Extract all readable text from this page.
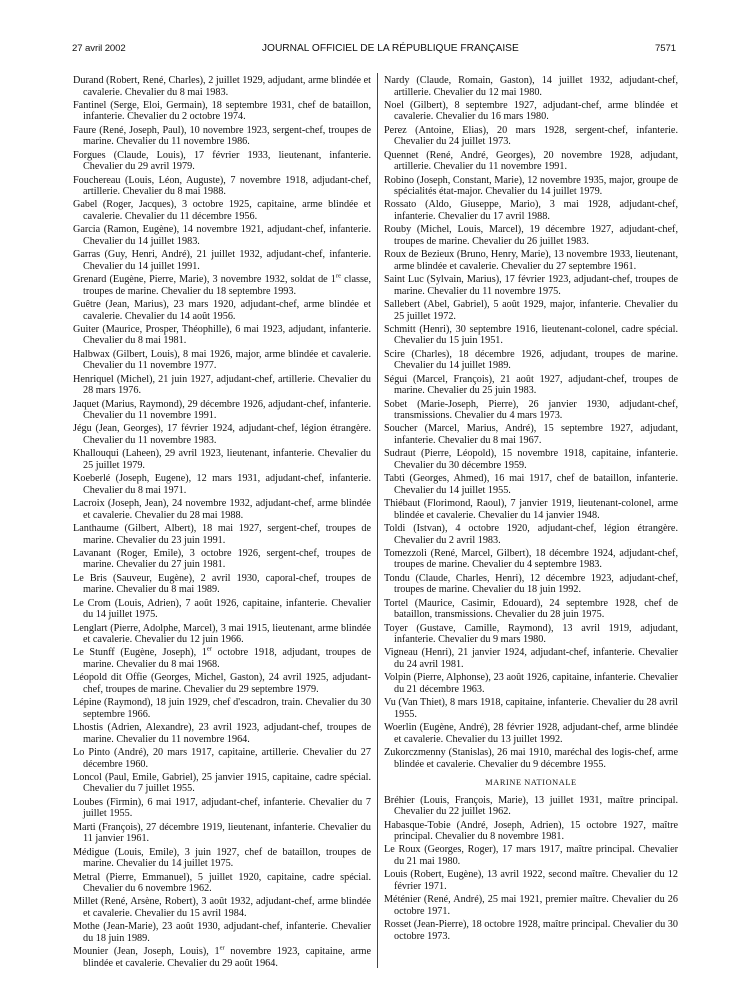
27 avril 2002	JOURNAL OFFICIEL DE LA RÉPUBLIQUE FRANÇAISE	7571

Durand (Robert, René, Charles), 2 juillet 1929, adjudant, arme blindée et cavalerie. Chevalier du 8 mai 1983.

Fantinel (Serge, Eloi, Germain), 18 septembre 1931, chef de bataillon, infanterie. Chevalier du 2 octobre 1974.

Faure (René, Joseph, Paul), 10 novembre 1923, sergent-chef, troupes de marine. Chevalier du 11 novembre 1986.

Forgues (Claude, Louis), 17 février 1933, lieutenant, infanterie. Chevalier du 29 avril 1979.

Fouchereau (Louis, Léon, Auguste), 7 novembre 1918, adjudant-chef, artillerie. Chevalier du 8 mai 1988.

Gabel (Roger, Jacques), 3 octobre 1925, capitaine, arme blindée et cavalerie. Chevalier du 11 décembre 1956.

Garcia (Ramon, Eugène), 14 novembre 1921, adjudant-chef, infanterie. Chevalier du 14 juillet 1983.

Garras (Guy, Henri, André), 21 juillet 1932, adjudant-chef, infanterie. Chevalier du 14 juillet 1991.

Grenard (Eugène, Pierre, Marie), 3 novembre 1932, soldat de 1re classe, troupes de marine. Chevalier du 18 septembre 1993.

Guêtre (Jean, Marius), 23 mars 1920, adjudant-chef, arme blindée et cavalerie. Chevalier du 14 août 1956.

Guiter (Maurice, Prosper, Théophille), 6 mai 1923, adjudant, infanterie. Chevalier du 8 mai 1981.

Halbwax (Gilbert, Louis), 8 mai 1926, major, arme blindée et cavalerie. Chevalier du 11 novembre 1977.

Henriquel (Michel), 21 juin 1927, adjudant-chef, artillerie. Chevalier du 28 mars 1976.

Jaquet (Marius, Raymond), 29 décembre 1926, adjudant-chef, infanterie. Chevalier du 11 novembre 1991.

Jégu (Jean, Georges), 17 février 1924, adjudant-chef, légion étrangère. Chevalier du 11 novembre 1983.

Khallouqui (Laheen), 29 avril 1923, lieutenant, infanterie. Chevalier du 25 juillet 1979.

Koeberlé (Joseph, Eugene), 12 mars 1931, adjudant-chef, infanterie. Chevalier du 8 mai 1971.

Lacroix (Joseph, Jean), 24 novembre 1932, adjudant-chef, arme blindée et cavalerie. Chevalier du 28 mai 1988.

Lanthaume (Gilbert, Albert), 18 mai 1927, sergent-chef, troupes de marine. Chevalier du 23 juin 1991.

Lavanant (Roger, Emile), 3 octobre 1926, sergent-chef, troupes de marine. Chevalier du 27 juin 1981.

Le Bris (Sauveur, Eugène), 2 avril 1930, caporal-chef, troupes de marine. Chevalier du 8 mai 1989.

Le Crom (Louis, Adrien), 7 août 1926, capitaine, infanterie. Chevalier du 14 juillet 1975.

Lenglart (Pierre, Adolphe, Marcel), 3 mai 1915, lieutenant, arme blindée et cavalerie. Chevalier du 12 juin 1966.

Le Stunff (Eugène, Joseph), 1er octobre 1918, adjudant, troupes de marine. Chevalier du 8 mai 1968.

Léopold dit Offie (Georges, Michel, Gaston), 24 avril 1925, adjudant-chef, troupes de marine. Chevalier du 29 septembre 1979.

Lépine (Raymond), 18 juin 1929, chef d'escadron, train. Chevalier du 30 septembre 1966.

Lhostis (Adrien, Alexandre), 23 avril 1923, adjudant-chef, troupes de marine. Chevalier du 11 novembre 1964.

Lo Pinto (André), 20 mars 1917, capitaine, artillerie. Chevalier du 27 décembre 1960.

Loncol (Paul, Emile, Gabriel), 25 janvier 1915, capitaine, cadre spécial. Chevalier du 7 juillet 1955.

Loubes (Firmin), 6 mai 1917, adjudant-chef, infanterie. Chevalier du 7 juillet 1955.

Marti (François), 27 décembre 1919, lieutenant, infanterie. Chevalier du 11 janvier 1961.

Médigue (Louis, Emile), 3 juin 1927, chef de bataillon, troupes de marine. Chevalier du 14 juillet 1975.

Metral (Pierre, Emmanuel), 5 juillet 1920, capitaine, cadre spécial. Chevalier du 6 novembre 1962.

Millet (René, Arsène, Robert), 3 août 1932, adjudant-chef, arme blindée et cavalerie. Chevalier du 15 avril 1984.

Mothe (Jean-Marie), 23 août 1930, adjudant-chef, infanterie. Chevalier du 18 juin 1989.

Mounier (Jean, Joseph, Louis), 1er novembre 1923, capitaine, arme blindée et cavalerie. Chevalier du 29 août 1964.

Nardy (Claude, Romain, Gaston), 14 juillet 1932, adjudant-chef, artillerie. Chevalier du 12 mai 1980.

Noel (Gilbert), 8 septembre 1927, adjudant-chef, arme blindée et cavalerie. Chevalier du 16 mars 1980.

Perez (Antoine, Elias), 20 mars 1928, sergent-chef, infanterie. Chevalier du 24 juillet 1973.

Quennet (René, André, Georges), 20 novembre 1928, adjudant, artillerie. Chevalier du 11 novembre 1991.

Robino (Joseph, Constant, Marie), 12 novembre 1935, major, groupe de spécialités état-major. Chevalier du 14 juillet 1979.

Rossato (Aldo, Giuseppe, Mario), 3 mai 1928, adjudant-chef, infanterie. Chevalier du 17 avril 1988.

Rouby (Michel, Louis, Marcel), 19 décembre 1927, adjudant-chef, troupes de marine. Chevalier du 26 juillet 1983.

Roux de Bezieux (Bruno, Henry, Marie), 13 novembre 1933, lieutenant, arme blindée et cavalerie. Chevalier du 27 septembre 1961.

Saint Luc (Sylvain, Marius), 17 février 1923, adjudant-chef, troupes de marine. Chevalier du 11 novembre 1975.

Sallebert (Abel, Gabriel), 5 août 1929, major, infanterie. Chevalier du 25 juillet 1972.

Schmitt (Henri), 30 septembre 1916, lieutenant-colonel, cadre spécial. Chevalier du 15 juin 1951.

Scire (Charles), 18 décembre 1926, adjudant, troupes de marine. Chevalier du 14 juillet 1989.

Ségui (Marcel, François), 21 août 1927, adjudant-chef, troupes de marine. Chevalier du 25 juin 1983.

Sobet (Marie-Joseph, Pierre), 26 janvier 1930, adjudant-chef, transmissions. Chevalier du 4 mars 1973.

Soucher (Marcel, Marius, André), 15 septembre 1927, adjudant, infanterie. Chevalier du 8 mai 1967.

Sudraut (Pierre, Léopold), 15 novembre 1918, capitaine, infanterie. Chevalier du 30 décembre 1959.

Tabti (Georges, Ahmed), 16 mai 1917, chef de bataillon, infanterie. Chevalier du 14 juillet 1955.

Thiébaut (Florimond, Raoul), 7 janvier 1919, lieutenant-colonel, arme blindée et cavalerie. Chevalier du 14 janvier 1948.

Toldi (Istvan), 4 octobre 1920, adjudant-chef, légion étrangère. Chevalier du 2 avril 1983.

Tomezzoli (René, Marcel, Gilbert), 18 décembre 1924, adjudant-chef, troupes de marine. Chevalier du 4 septembre 1983.

Tondu (Claude, Charles, Henri), 12 décembre 1923, adjudant-chef, troupes de marine. Chevalier du 18 juin 1992.

Tortel (Maurice, Casimir, Edouard), 24 septembre 1928, chef de bataillon, transmissions. Chevalier du 28 juin 1975.

Toyer (Gustave, Camille, Raymond), 13 avril 1919, adjudant, infanterie. Chevalier du 9 mars 1980.

Vigneau (Henri), 21 janvier 1924, adjudant-chef, infanterie. Chevalier du 24 avril 1981.

Volpin (Pierre, Alphonse), 23 août 1926, capitaine, infanterie. Chevalier du 21 décembre 1963.

Vu (Van Thiet), 8 mars 1918, capitaine, infanterie. Chevalier du 28 avril 1955.

Woerlin (Eugène, André), 28 février 1928, adjudant-chef, arme blindée et cavalerie. Chevalier du 13 juillet 1992.

Zukorczmenny (Stanislas), 26 mai 1910, maréchal des logis-chef, arme blindée et cavalerie. Chevalier du 9 décembre 1955.

MARINE NATIONALE

Bréhier (Louis, François, Marie), 13 juillet 1931, maître principal. Chevalier du 22 juillet 1962.

Habasque-Tobie (André, Joseph, Adrien), 15 octobre 1927, maître principal. Chevalier du 8 novembre 1981.

Le Roux (Georges, Roger), 17 mars 1917, maître principal. Chevalier du 21 mai 1980.

Louis (Robert, Eugène), 13 avril 1922, second maître. Chevalier du 12 février 1971.

Méténier (René, André), 25 mai 1921, premier maître. Chevalier du 26 octobre 1971.

Rosset (Jean-Pierre), 18 octobre 1928, maître principal. Chevalier du 30 octobre 1973.
